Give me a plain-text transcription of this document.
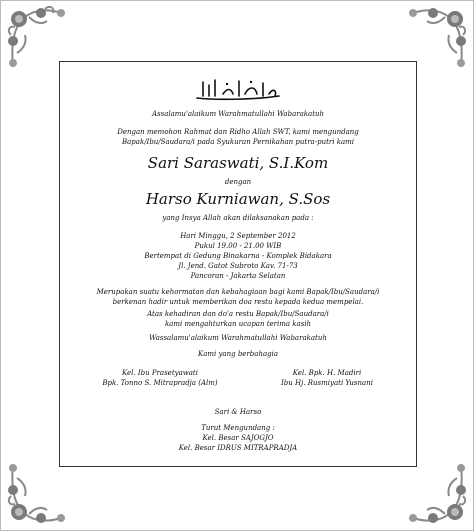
Assalamu'alaikum Warahmatullahi Wabarakatuh
Dengan memohon Rahmat dan Ridho Allah SWT, kami mengundang
Bapak/Ibu/Saudara/i pada Syukuran Pernikahan putra-putri kami
Sari Saraswati, S.I.Kom
dengan
Harso Kurniawan, S.Sos
yang Insya Allah akan dilaksanakan pada :
Hari Minggu, 2 September 2012
Pukul 19.00 - 21.00 WIB
Bertempat di Gedung Binakarna - Komplek Bidakara
Jl. Jend. Gatot Subroto Kav. 71-73
Pancoran - Jakarta Selatan
Merupakan suatu kehormatan dan kebahagiaan bagi kami Bapak/Ibu/Saudara/i
berkenan hadir untuk memberikan doa restu kepada kedua mempelai.
Atas kehadiran dan do'a restu Bapak/Ibu/Saudara/i
kami mengahturkan ucapan terima kasih
Wassalamu'alaikum Warahmatullahi Wabarakatuh
Kami yang berbahagia
Kel. Ibu Prasetyawati
Bpk. Tonno S. Mitrapradja (Alm)
Kel. Bpk. H. Madiri
Ibu Hj. Rusmiyati Yusnani
Sari & Harso
Turut Mengundang :
Kel. Besar SAJOGJO
Kel. Besar IDRUS MITRAPRADJA
